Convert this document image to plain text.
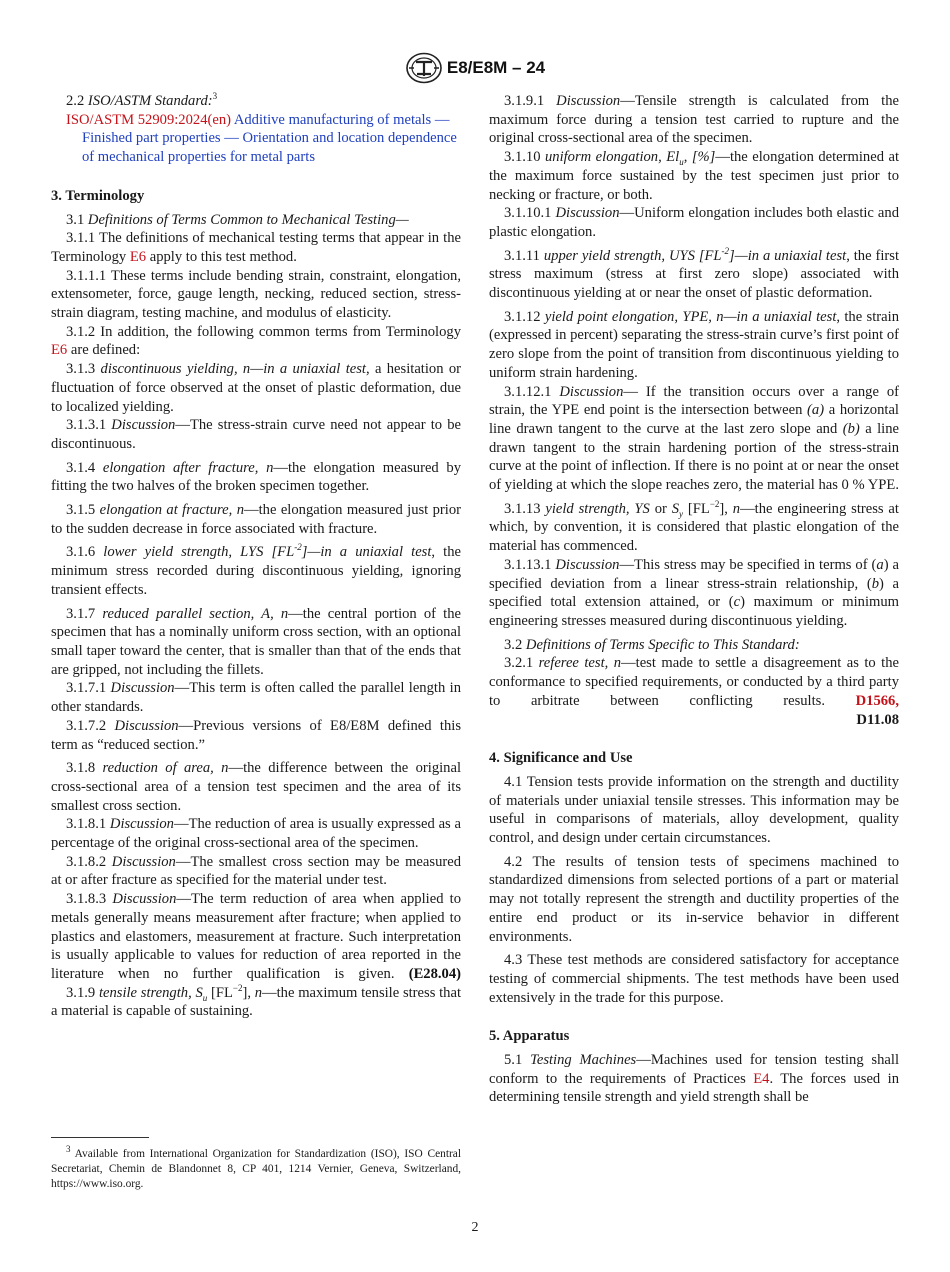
E8/E8M – 24

2.2 ISO/ASTM Standard:$^3$

ISO/ASTM 52909:2024(en) Additive manufacturing of metals — Finished part properties — Orientation and location dependence of mechanical properties for metal parts

3. Terminology

3.1 Definitions of Terms Common to Mechanical Testing—

3.1.1 The definitions of mechanical testing terms that appear in the Terminology E6 apply to this test method.

3.1.1.1 These terms include bending strain, constraint, elongation, extensometer, force, gauge length, necking, reduced section, stress-strain diagram, testing machine, and modulus of elasticity.

3.1.2 In addition, the following common terms from Terminology E6 are defined:

3.1.3 discontinuous yielding, n—in a uniaxial test, a hesitation or fluctuation of force observed at the onset of plastic deformation, due to localized yielding.

3.1.3.1 Discussion—The stress-strain curve need not appear to be discontinuous.

3.1.4 elongation after fracture, n—the elongation measured by fitting the two halves of the broken specimen together.

3.1.5 elongation at fracture, n—the elongation measured just prior to the sudden decrease in force associated with fracture.

3.1.6 lower yield strength, LYS $[FL^{-2}]—in$ a uniaxial test, the minimum stress recorded during discontinuous yielding, ignoring transient effects.

3.1.7 reduced parallel section, A, n—the central portion of the specimen that has a nominally uniform cross section, with an optional small taper toward the center, that is smaller than that of the ends that are gripped, not including the fillets.

3.1.7.1 Discussion—This term is often called the parallel length in other standards.

3.1.7.2 Discussion—Previous versions of E8/E8M defined this term as “reduced section.”

3.1.8 reduction of area, n—the difference between the original cross-sectional area of a tension test specimen and the area of its smallest cross section.

3.1.8.1 Discussion—The reduction of area is usually expressed as a percentage of the original cross-sectional area of the specimen.

3.1.8.2 Discussion—The smallest cross section may be measured at or after fracture as specified for the material under test.

3.1.8.3 Discussion—The term reduction of area when applied to metals generally means measurement after fracture; when applied to plastics and elastomers, measurement at fracture. Such interpretation is usually applicable to values for reduction of area reported in the literature when no further qualification is given. (E28.04)

3.1.9 tensile strength, $S_u$ $[FL^{-2}]$, n—the maximum tensile stress that a material is capable of sustaining.

$^3$ Available from International Organization for Standardization (ISO), ISO Central Secretariat, Chemin de Blandonnet 8, CP 401, 1214 Vernier, Geneva, Switzerland, https://www.iso.org.

3.1.9.1 Discussion—Tensile strength is calculated from the maximum force during a tension test carried to rupture and the original cross-sectional area of the specimen.

3.1.10 uniform elongation, $El_u$, [%]—the elongation determined at the maximum force sustained by the test specimen just prior to necking or fracture, or both.

3.1.10.1 Discussion—Uniform elongation includes both elastic and plastic elongation.

3.1.11 upper yield strength, UYS $[FL^{-2}]—in$ a uniaxial test, the first stress maximum (stress at first zero slope) associated with discontinuous yielding at or near the onset of plastic deformation.

3.1.12 yield point elongation, YPE, n—in a uniaxial test, the strain (expressed in percent) separating the stress-strain curve’s first point of zero slope from the point of transition from discontinuous yielding to uniform strain hardening.

3.1.12.1 Discussion— If the transition occurs over a range of strain, the YPE end point is the intersection between (a) a horizontal line drawn tangent to the curve at the last zero slope and (b) a line drawn tangent to the strain hardening portion of the stress-strain curve at the point of inflection. If there is no point at or near the onset of yielding at which the slope reaches zero, the material has 0 % YPE.

3.1.13 yield strength, YS or $S_y$ $[FL^{-2}]$, n—the engineering stress at which, by convention, it is considered that plastic elongation of the material has commenced.

3.1.13.1 Discussion—This stress may be specified in terms of (a) a specified deviation from a linear stress-strain relationship, (b) a specified total extension attained, or (c) maximum or minimum engineering stresses measured during discontinuous yielding.

3.2 Definitions of Terms Specific to This Standard:

3.2.1 referee test, n—test made to settle a disagreement as to the conformance to specified requirements, or conducted by a third party to arbitrate between conflicting results. D1566,

D11.08

4. Significance and Use

4.1 Tension tests provide information on the strength and ductility of materials under uniaxial tensile stresses. This information may be useful in comparisons of materials, alloy development, quality control, and design under certain circumstances.

4.2 The results of tension tests of specimens machined to standardized dimensions from selected portions of a part or material may not totally represent the strength and ductility properties of the entire end product or its in-service behavior in different environments.

4.3 These test methods are considered satisfactory for acceptance testing of commercial shipments. The test methods have been used extensively in the trade for this purpose.

5. Apparatus

5.1 Testing Machines—Machines used for tension testing shall conform to the requirements of Practices E4. The forces used in determining tensile strength and yield strength shall be

2
